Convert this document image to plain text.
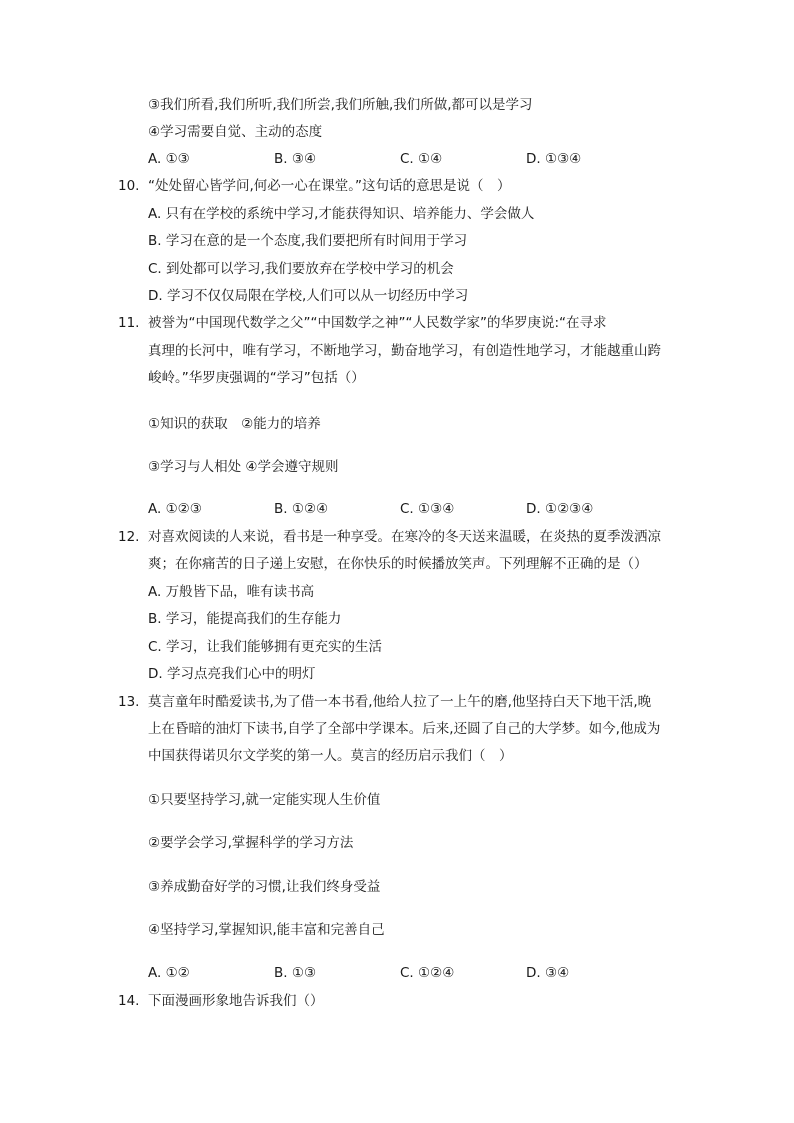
③我们所看,我们所听,我们所尝,我们所触,我们所做,都可以是学习
④学习需要自觉、主动的态度
A. ①③	B. ③④	C. ①④	D. ①③④
10. “处处留心皆学问,何必一心在课堂。”这句话的意思是说（　）
A. 只有在学校的系统中学习,才能获得知识、培养能力、学会做人
B. 学习在意的是一个态度,我们要把所有时间用于学习
C. 到处都可以学习,我们要放弃在学校中学习的机会
D. 学习不仅仅局限在学校,人们可以从一切经历中学习
11. 被誉为“中国现代数学之父”“中国数学之神”“人民数学家”的华罗庚说:“在寻求
真理的长河中，唯有学习，不断地学习，勤奋地学习，有创造性地学习，才能越重山跨
峻岭。”华罗庚强调的“学习”包括（）
①知识的获取　②能力的培养
③学习与人相处 ④学会遵守规则
A. ①②③	B. ①②④	C. ①③④	D. ①②③④
12. 对喜欢阅读的人来说，看书是一种享受。在寒冷的冬天送来温暖，在炎热的夏季泼洒凉
爽；在你痛苦的日子递上安慰，在你快乐的时候播放笑声。下列理解不正确的是（）
A. 万般皆下品，唯有读书高
B. 学习，能提高我们的生存能力
C. 学习，让我们能够拥有更充实的生活
D. 学习点亮我们心中的明灯
13. 莫言童年时酷爱读书,为了借一本书看,他给人拉了一上午的磨,他坚持白天下地干活,晚
上在昏暗的油灯下读书,自学了全部中学课本。后来,还圆了自己的大学梦。如今,他成为
中国获得诺贝尔文学奖的第一人。莫言的经历启示我们（　）
①只要坚持学习,就一定能实现人生价值
②要学会学习,掌握科学的学习方法
③养成勤奋好学的习惯,让我们终身受益
④坚持学习,掌握知识,能丰富和完善自己
A. ①②	B. ①③	C. ①②④	D. ③④
14. 下面漫画形象地告诉我们（）
